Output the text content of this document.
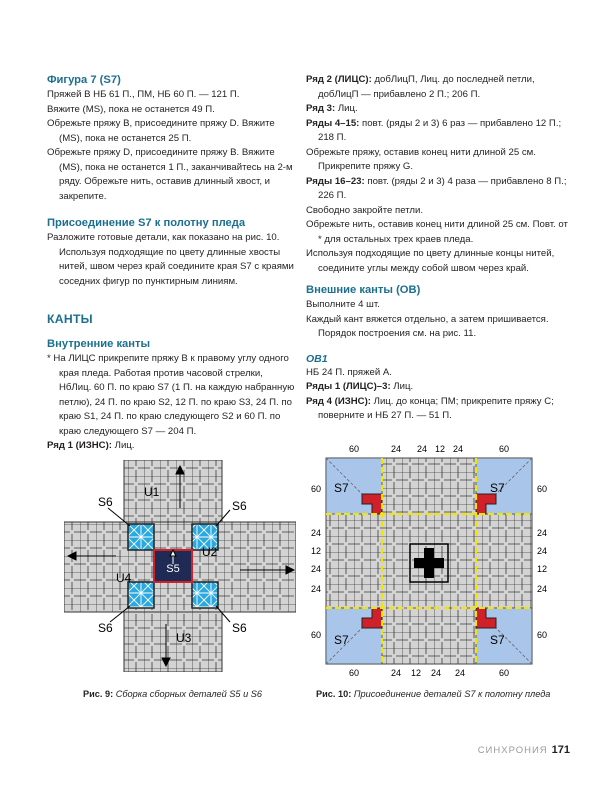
Фигура 7 (S7)

Пряжей В НБ 61 П., ПМ, НБ 60 П. — 121 П.

Вяжите (MS), пока не останется 49 П.

Обрежьте пряжу В, присоедините пряжу D. Вяжите (MS), пока не останется 25 П.

Обрежьте пряжу D, присоедините пряжу В. Вяжите (MS), пока не останется 1 П., заканчивайтесь на 2-м ряду. Обрежьте нить, оставив длинный хвост, и закрепите.

Присоединение S7 к полотну пледа

Разложите готовые детали, как показано на рис. 10. Используя подходящие по цвету длинные хвосты нитей, швом через край соедините края S7 с краями соседних фигур по пунктирным линиям.

КАНТЫ

Внутренние канты

* На ЛИЦС прикрепите пряжу В к правому углу одного края пледа. Работая против часовой стрелки, НбЛиц. 60 П. по краю S7 (1 П. на каждую набранную петлю), 24 П. по краю S2, 12 П. по краю S3, 24 П. по краю S1, 24 П. по краю следующего S2 и 60 П. по краю следующего S7 — 204 П.

Ряд 1 (ИЗНС): Лиц.

Ряд 2 (ЛИЦС): добЛицП, Лиц. до последней петли, добЛицП — прибавлено 2 П.; 206 П.

Ряд 3: Лиц.

Ряды 4–15: повт. (ряды 2 и 3) 6 раз — прибавлено 12 П.; 218 П.

Обрежьте пряжу, оставив конец нити длиной 25 см. Прикрепите пряжу G.

Ряды 16–23: повт. (ряды 2 и 3) 4 раза — прибавлено 8 П.; 226 П.

Свободно закройте петли.

Обрежьте нить, оставив конец нити длиной 25 см. Повт. от * для остальных трех краев пледа.

Используя подходящие по цвету длинные концы нитей, соедините углы между собой швом через край.

Внешние канты (ОВ)

Выполните 4 шт.

Каждый кант вяжется отдельно, а затем пришивается. Порядок построения см. на рис. 11.

ОВ1

НБ 24 П. пряжей А.

Ряды 1 (ЛИЦС)–3: Лиц.

Ряд 4 (ИЗНС): Лиц. до конца; ПМ; прикрепите пряжу С; поверните и НБ 27 П. — 51 П.

S5
U1
U2
U3
U4
S6	S6
S6	S6
Рис. 9: Сборка сборных деталей S5 и S6
S7	S7
S7	S7
60	24 24 12 24	60
60	24 12 24 24	60
60
24
12
24
24
60
60
24
24
12
24
60
Рис. 10: Присоединение деталей S7 к полотну пледа
СИНХРОНИЯ 171
